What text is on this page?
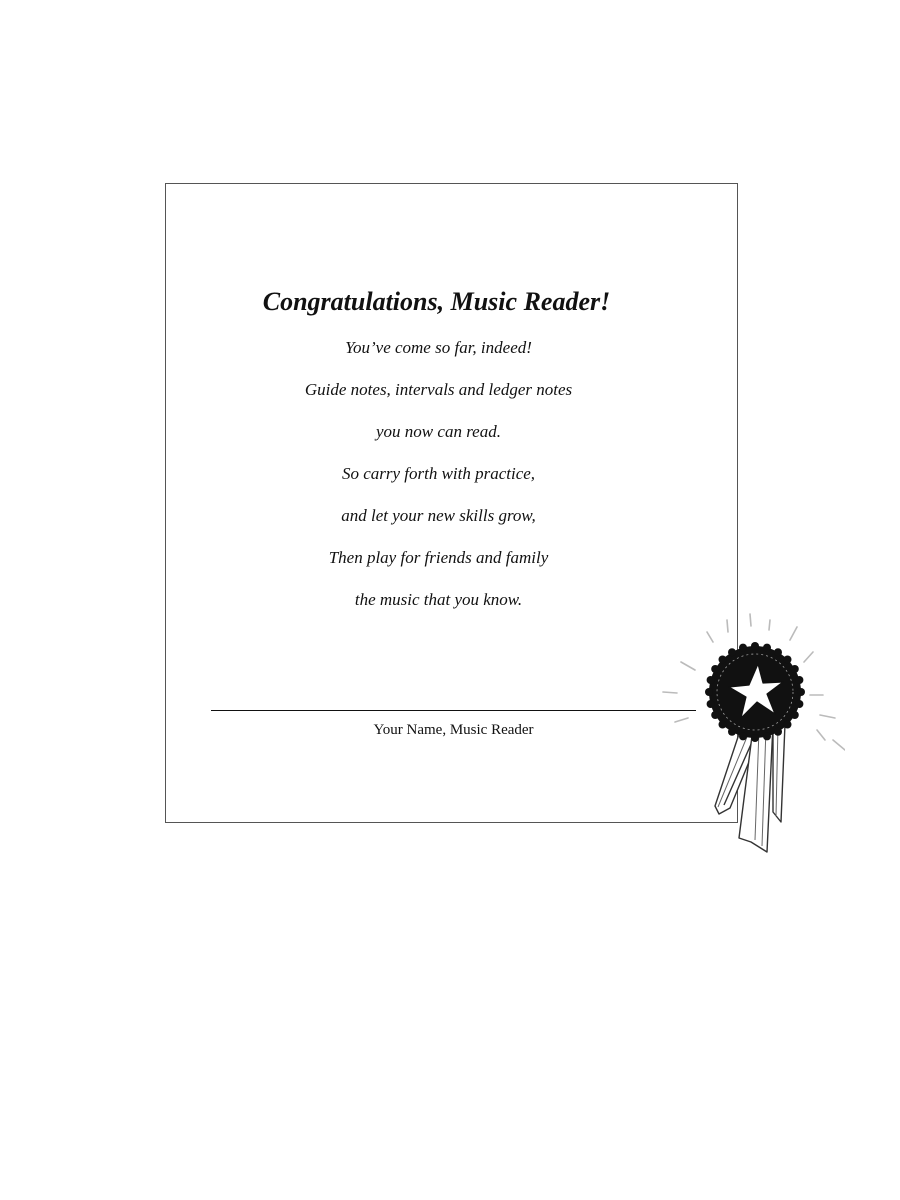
Congratulations, Music Reader!
You’ve come so far, indeed!
Guide notes, intervals and ledger notes
you now can read.
So carry forth with practice,
and let your new skills grow,
Then play for friends and family
the music that you know.
Your Name, Music Reader
